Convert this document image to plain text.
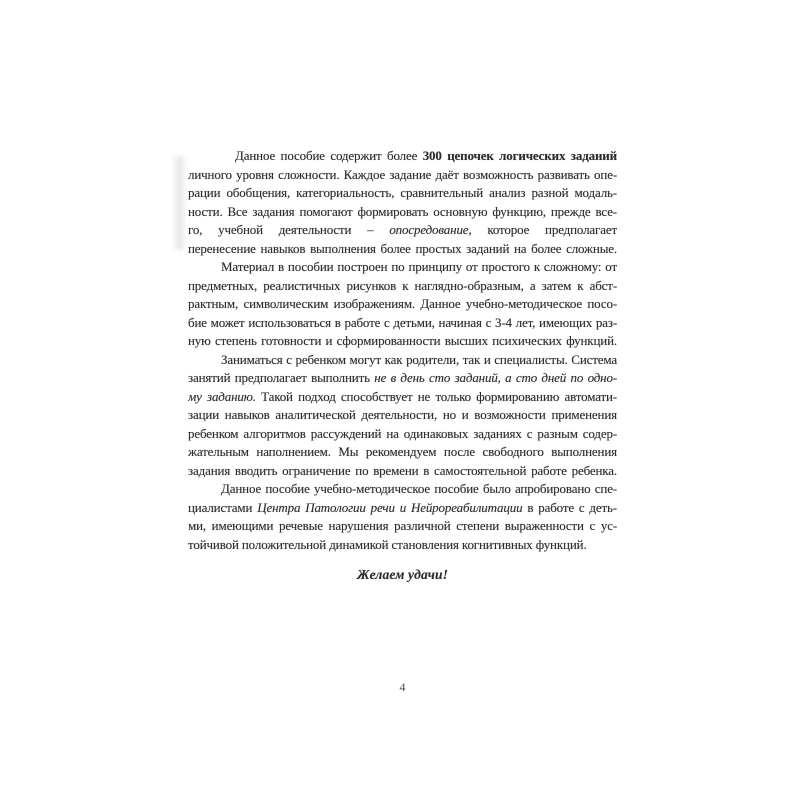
Данное пособие содержит более 300 цепочек логических заданий
личного уровня сложности. Каждое задание даёт возможность развивать опе-
рации обобщения, категориальность, сравнительный анализ разной модаль-
ности. Все задания помогают формировать основную функцию, прежде все-
го, учебной деятельности – опосредование, которое предполагает
перенесение навыков выполнения более простых заданий на более сложные.
Материал в пособии построен по принципу от простого к сложному: от
предметных, реалистичных рисунков к наглядно-образным, а затем к абст-
рактным, символическим изображениям. Данное учебно-методическое посо-
бие может использоваться в работе с детьми, начиная с 3-4 лет, имеющих раз-
ную степень готовности и сформированности высших психических функций.
Заниматься с ребенком могут как родители, так и специалисты. Система
занятий предполагает выполнить не в день сто заданий, а сто дней по одно-
му заданию. Такой подход способствует не только формированию автомати-
зации навыков аналитической деятельности, но и возможности применения
ребенком алгоритмов рассуждений на одинаковых заданиях с разным содер-
жательным наполнением. Мы рекомендуем после свободного выполнения
задания вводить ограничение по времени в самостоятельной работе ребенка.
Данное пособие учебно-методическое пособие было апробировано спе-
циалистами Центра Патологии речи и Нейрореабилитации в работе с деть-
ми, имеющими речевые нарушения различной степени выраженности с ус-
тойчивой положительной динамикой становления когнитивных функций.
Желаем удачи!
4
